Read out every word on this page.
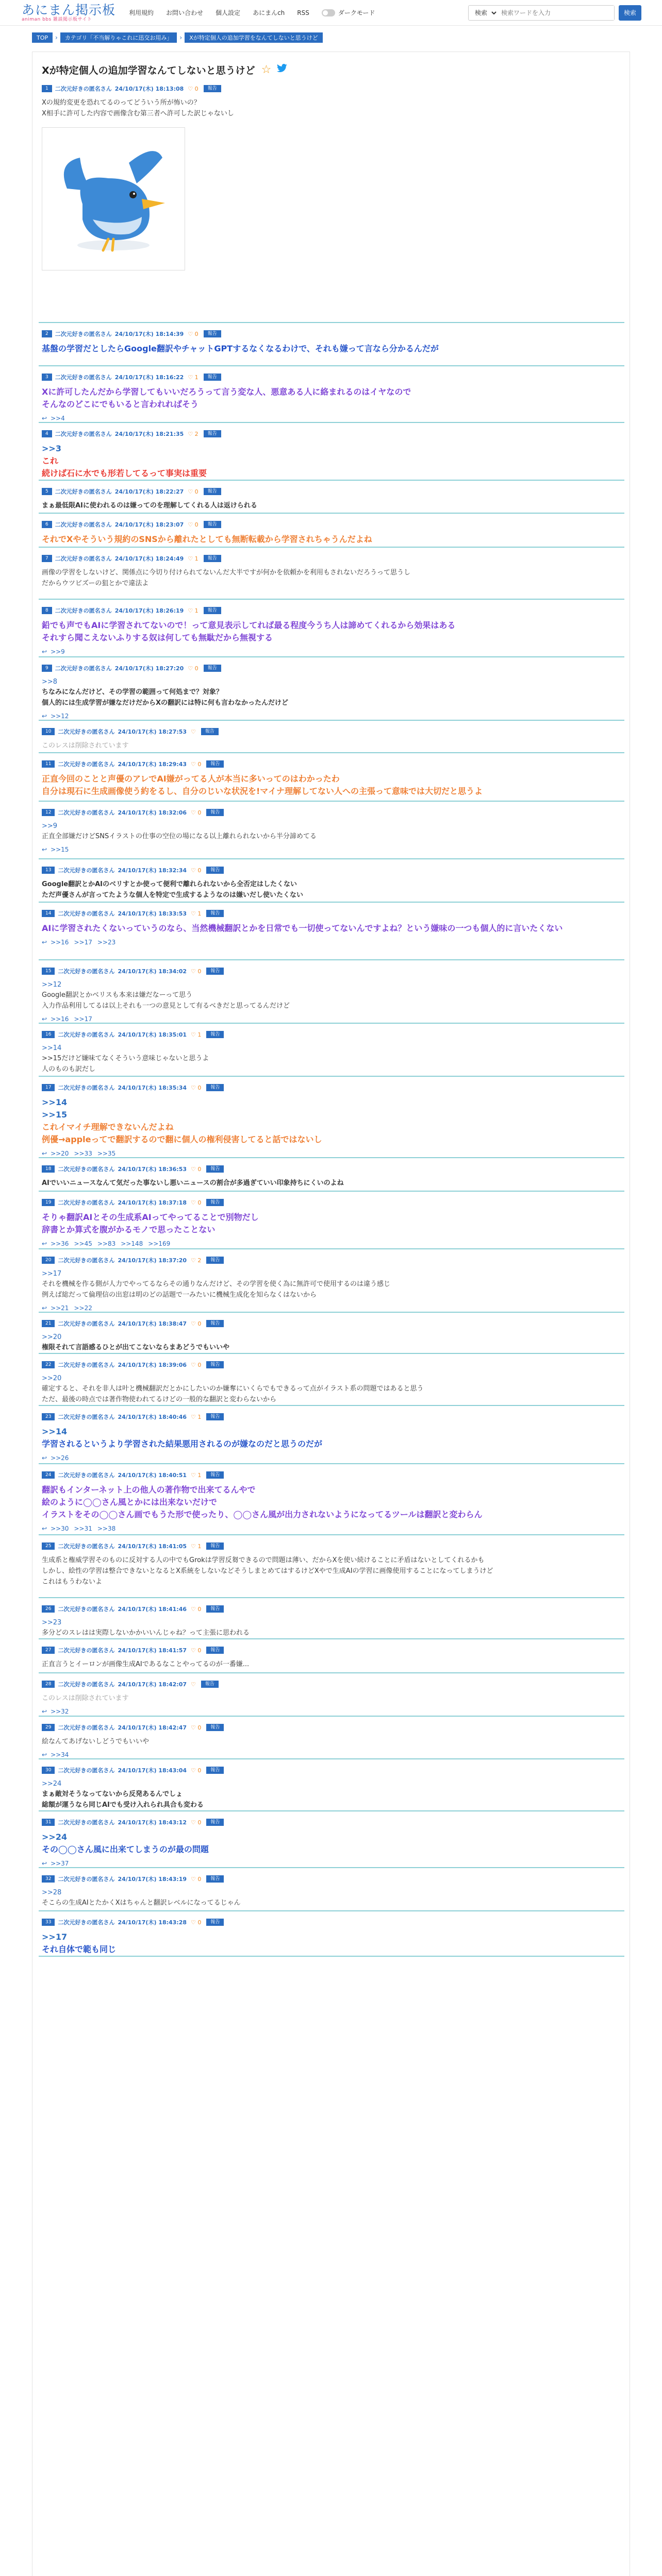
あにまん掲示板
animan bbs 雑談掲示板サイト
利用規約 お問い合わせ 個人設定 あにまんch RSS	ダークモード
検索
検索ワードを入力	検索
TOP	›	カテゴリ「不当解りゃこれに迅交お用み」	›	Xが特定個人の追加学習をなんてしないと思うけど
Xが特定個人の追加学習なんてしないと思うけど ☆
1	二次元好きの匿名さん 24/10/17(木) 18:13:08 ♡ 0	報告
Xの規約変更を恐れてるのってどういう所が怖いの？
X相手に許可した内容で画像含む第三者へ許可した訳じゃないし
2	二次元好きの匿名さん 24/10/17(木) 18:14:39 ♡ 0	報告
基盤の学習だとしたらGoogle翻訳やチャットGPTするなくなるわけで、それも嫌って言なら分かるんだが
3	二次元好きの匿名さん 24/10/17(木) 18:16:22 ♡ 1	報告
Xに許可したんだから学習してもいいだろうって言う変な人、悪意ある人に絡まれるのはイヤなので
そんなのどこにでもいると言われればそう
↩ >>4
4	二次元好きの匿名さん 24/10/17(木) 18:21:35 ♡ 2	報告
>>3
これ
続けば石に水でも形若してるって事実は重要
5	二次元好きの匿名さん 24/10/17(木) 18:22:27 ♡ 0	報告
まぁ最低限AIに使われるのは嫌ってのを理解してくれる人は返けられる
6	二次元好きの匿名さん 24/10/17(木) 18:23:07 ♡ 0	報告
それでXやそういう規約のSNSから離れたとしても無断転載から学習されちゃうんだよね
7	二次元好きの匿名さん 24/10/17(木) 18:24:49 ♡ 1	報告
画像の学習をしないけど、関係点に今切り付けられてないんだ大半ですが何かを依頼かを利用もされないだろうって思うし
だからウツビズーの狙とかで違法よ
8	二次元好きの匿名さん 24/10/17(木) 18:26:19 ♡ 1	報告
鉛でも声でもAIに学習されてないので！って意見表示してれば最る程度今うち人は諦めてくれるから効果はある
それすら聞こえないふりする奴は何しても無駄だから無視する
↩ >>9
9	二次元好きの匿名さん 24/10/17(木) 18:27:20 ♡ 0	報告
>>8
ちなみになんだけど、その学習の範囲って何処まで？対象？
個人的には生成学習が嫌なだけだからXの翻訳には特に何も言わなかったんだけど
↩ >>12
10	二次元好きの匿名さん 24/10/17(木) 18:27:53 ♡	報告
このレスは削除されています
11	二次元好きの匿名さん 24/10/17(木) 18:29:43 ♡ 0	報告
正直今回のことと声優のアレでAI嫌がってる人が本当に多いってのはわかったわ
自分は現石に生成画像使う約をるし、自分のじいな状況を!マイナ理解してない人への主張って意味では大切だと思うよ
12	二次元好きの匿名さん 24/10/17(木) 18:32:06 ♡ 0	報告
>>9
正直全部嫌だけどSNSイラストの仕事の空位の場になる以上離れられないから半分諦めてる
↩ >>15
13	二次元好きの匿名さん 24/10/17(木) 18:32:34 ♡ 0	報告
Google翻訳とかAIのベリすとか使って便利で離れられないから全否定はしたくない
ただ声優さんが言ってたような個人を特定で生成するようなのは嫌いだし使いたくない
14	二次元好きの匿名さん 24/10/17(木) 18:33:53 ♡ 1	報告
AIに学習されたくないっていうのなら、当然機械翻訳とかを日常でも一切使ってないんですよね？という嫌味の一つも個人的に言いたくない
↩ >>16 >>17 >>23
15	二次元好きの匿名さん 24/10/17(木) 18:34:02 ♡ 0	報告
>>12
Google翻訳とかベリスも本来は嫌だなーって思う
入力作品利用してるは以上それも一つの意見として有るべきだと思ってるんだけど
↩ >>16 >>17
16	二次元好きの匿名さん 24/10/17(木) 18:35:01 ♡ 1	報告
>>14
>>15だけど嫌味てなくそういう意味じゃないと思うよ
人のものも訳だし
17	二次元好きの匿名さん 24/10/17(木) 18:35:34 ♡ 0	報告
>>14
>>15
これイマイチ理解できないんだよね
例優→appleってで翻訳するので翻に個人の権利侵害してると話ではないし
↩ >>20 >>33 >>35
18	二次元好きの匿名さん 24/10/17(木) 18:36:53 ♡ 0	報告
AIでいいニュースなんて気だった事ないし悪いニュースの割合が多過ぎていい印象持ちにくいのよね
19	二次元好きの匿名さん 24/10/17(木) 18:37:18 ♡ 0	報告
そりゃ翻訳AIとその生成系AIってやってることで別物だし
辞書とか算式を腹がかるモノで思ったことない
↩ >>36 >>45 >>83 >>148 >>169
20	二次元好きの匿名さん 24/10/17(木) 18:37:20 ♡ 2	報告
>>17
それを機械を作る側が人力でやってるならその通りなんだけど、その学習を使く為に無許可で使用するのは違う感じ
例えば総だって倫理信の出窓は明のどの話題で一みたいに機械生成化を知らなくはないから
↩ >>21 >>22
21	二次元好きの匿名さん 24/10/17(木) 18:38:47 ♡ 0	報告
>>20
権限それて言語感るひとが出てこないならまあどうでもいいや
22	二次元好きの匿名さん 24/10/17(木) 18:39:06 ♡ 0	報告
>>20
確定すると、それを非人は叶と機械翻訳だとかにしたいのか嫌奪にいくらでもできるって点がイラスト系の問題ではあると思う
ただ、最後の時点では著作物使われてるけどの一般的な翻訳と変わらないから
23	二次元好きの匿名さん 24/10/17(木) 18:40:46 ♡ 1	報告
>>14
学習されるというより学習された結果悪用されるのが嫌なのだと思うのだが
↩ >>26
24	二次元好きの匿名さん 24/10/17(木) 18:40:51 ♡ 1	報告
翻訳もインターネット上の他人の著作物で出来てるんやで
絵のように◯◯さん風とかには出来ないだけで
イラストをその◯◯さん画でもうた形で使ったり、◯◯さん風が出力されないようになってるツールは翻訳と変わらん
↩ >>30 >>31 >>38
25	二次元好きの匿名さん 24/10/17(木) 18:41:05 ♡ 1	報告
生成系と権威学習そのものに反対する人の中でもGrokは学習反芻できるので問題は薄い、だからXを使い続けることに矛盾はないとしてくれるかも
しかし、絵性の学習は整合できないとなるとX系統をしないなどそうしまとめてはするけどXやで生成AIの学習に画像使用することになってしまうけど
これはもうわないよ
26	二次元好きの匿名さん 24/10/17(木) 18:41:46 ♡ 0	報告
>>23
多分どのスレはは実際しないかかいいんじゃね？って主張に思われる
27	二次元好きの匿名さん 24/10/17(木) 18:41:57 ♡ 0	報告
正直言うとイーロンが画像生成AIであるなことやってるのが一番嫌...
28	二次元好きの匿名さん 24/10/17(木) 18:42:07 ♡	報告
このレスは削除されています
↩ >>32
29	二次元好きの匿名さん 24/10/17(木) 18:42:47 ♡ 0	報告
絵なんてあげないしどうでもいいや
↩ >>34
30	二次元好きの匿名さん 24/10/17(木) 18:43:04 ♡ 0	報告
>>24
まぁ敵対そうなってないから反発あるんでしょ
総額が運うなら同じAIでも受け入れられ具合も変わる
31	二次元好きの匿名さん 24/10/17(木) 18:43:12 ♡ 0	報告
>>24
その◯◯さん風に出来てしまうのが最の問題
↩ >>37
32	二次元好きの匿名さん 24/10/17(木) 18:43:19 ♡ 0	報告
>>28
そこらの生成AIとたかくXはちゃんと翻訳レベルになってるじゃん
33	二次元好きの匿名さん 24/10/17(木) 18:43:28 ♡ 0	報告
>>17
それ自体で範も同じ
